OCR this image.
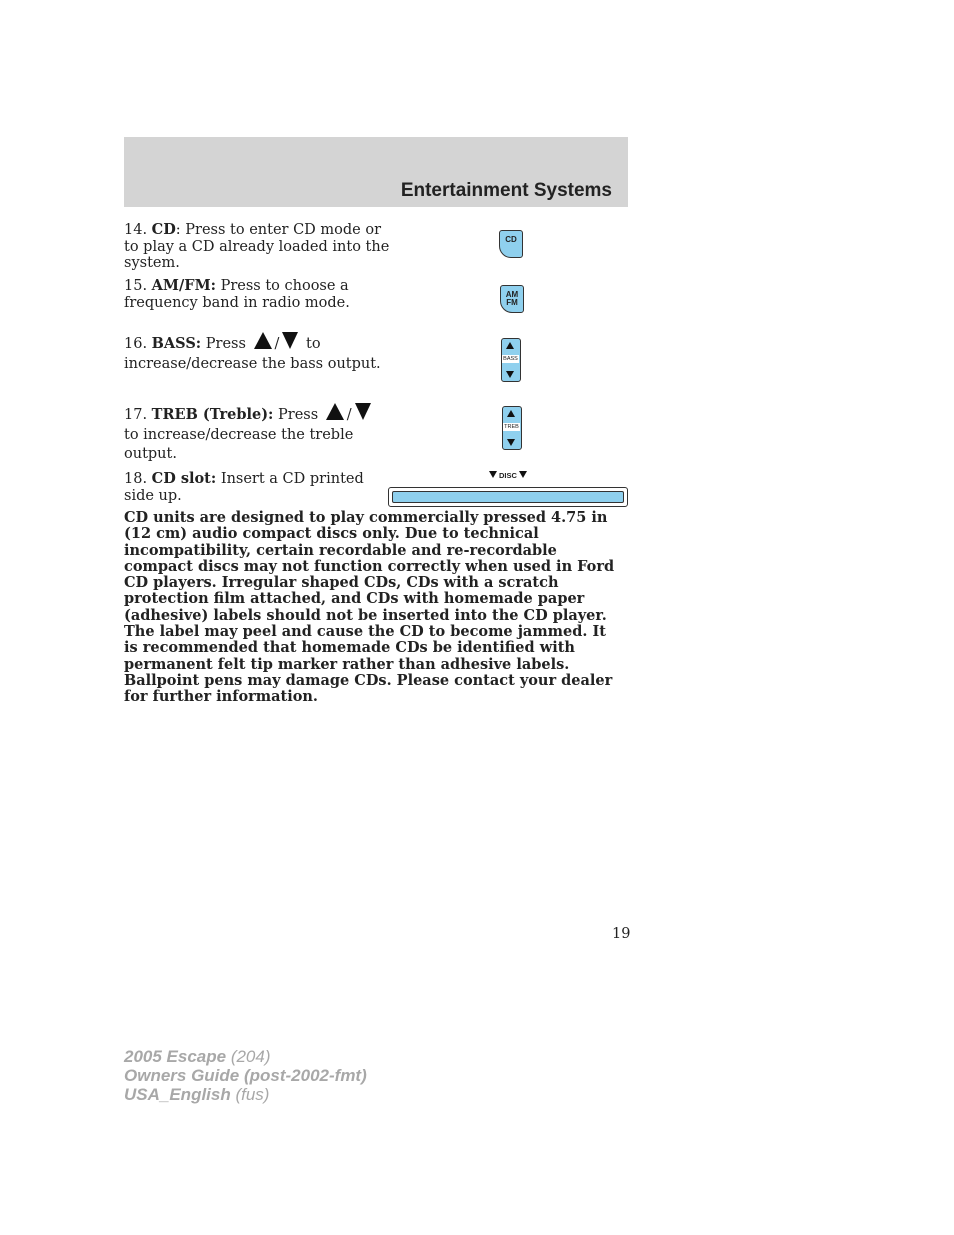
Entertainment Systems
14. CD: Press to enter CD mode or
to play a CD already loaded into the
system.
CD
15. AM/FM: Press to choose a
frequency band in radio mode.	AM
FM
16. BASS: Press / to
increase/decrease the bass output.	BASS
17. TREB (Treble): Press /
to increase/decrease the treble
output.
TREB
18. CD slot: Insert a CD printed
side up.
DISC

CD units are designed to play commercially pressed 4.75 in (12 cm) audio compact discs only. Due to technical incompatibility, certain recordable and re-recordable compact discs may not function correctly when used in Ford CD players. Irregular shaped CDs, CDs with a scratch protection film attached, and CDs with homemade paper (adhesive) labels should not be inserted into the CD player. The label may peel and cause the CD to become jammed. It is recommended that homemade CDs be identified with permanent felt tip marker rather than adhesive labels. Ballpoint pens may damage CDs. Please contact your dealer for further information.

19
2005 Escape (204)
Owners Guide (post-2002-fmt)
USA_English (fus)
